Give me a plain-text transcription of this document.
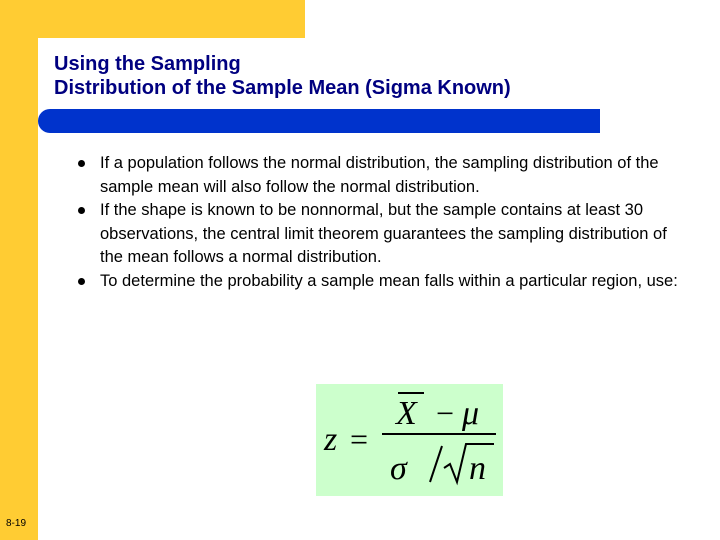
Using the Sampling
Distribution of the Sample Mean (Sigma Known)
If a population follows the normal distribution, the sampling distribution of the sample mean will also follow the normal distribution.
If the shape is known to be nonnormal, but the sample contains at least 30 observations, the central limit theorem guarantees the sampling distribution of the mean follows a normal distribution.
To determine the probability a sample mean falls within a particular region, use:
z =
X − μ
σ n
8-19
